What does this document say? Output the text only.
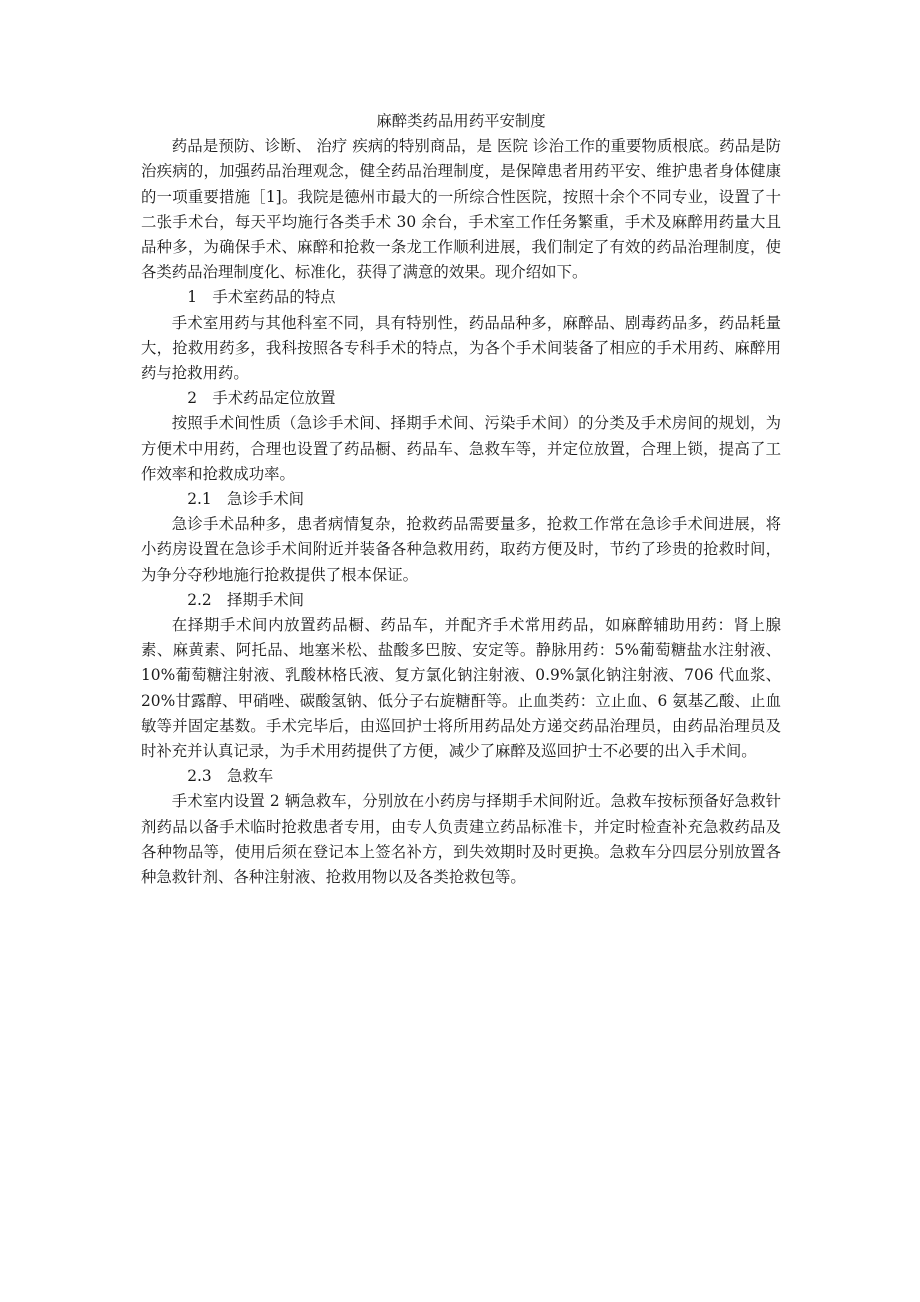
麻醉类药品用药平安制度

药品是预防、诊断、 治疗 疾病的特别商品，是 医院 诊治工作的重要物质根底。药品是防治疾病的，加强药品治理观念，健全药品治理制度，是保障患者用药平安、维护患者身体健康的一项重要措施［1]。我院是德州市最大的一所综合性医院，按照十余个不同专业，设置了十二张手术台，每天平均施行各类手术 30 余台，手术室工作任务繁重，手术及麻醉用药量大且品种多，为确保手术、麻醉和抢救一条龙工作顺利进展，我们制定了有效的药品治理制度，使各类药品治理制度化、标准化，获得了满意的效果。现介绍如下。

1　手术室药品的特点

手术室用药与其他科室不同，具有特别性，药品品种多，麻醉品、剧毒药品多，药品耗量大，抢救用药多，我科按照各专科手术的特点，为各个手术间装备了相应的手术用药、麻醉用药与抢救用药。

2　手术药品定位放置

按照手术间性质（急诊手术间、择期手术间、污染手术间）的分类及手术房间的规划，为方便术中用药，合理也设置了药品橱、药品车、急救车等，并定位放置，合理上锁，提高了工作效率和抢救成功率。

2.1　急诊手术间

急诊手术品种多，患者病情复杂，抢救药品需要量多，抢救工作常在急诊手术间进展，将小药房设置在急诊手术间附近并装备各种急救用药，取药方便及时，节约了珍贵的抢救时间，为争分夺秒地施行抢救提供了根本保证。

2.2　择期手术间

在择期手术间内放置药品橱、药品车，并配齐手术常用药品，如麻醉辅助用药：肾上腺素、麻黄素、阿托品、地塞米松、盐酸多巴胺、安定等。静脉用药：5%葡萄糖盐水注射液、10%葡萄糖注射液、乳酸林格氏液、复方氯化钠注射液、0.9%氯化钠注射液、706 代血浆、20%甘露醇、甲硝唑、碳酸氢钠、低分子右旋糖酐等。止血类药：立止血、6 氨基乙酸、止血敏等并固定基数。手术完毕后，由巡回护士将所用药品处方递交药品治理员，由药品治理员及时补充并认真记录，为手术用药提供了方便，减少了麻醉及巡回护士不必要的出入手术间。

2.3　急救车

手术室内设置 2 辆急救车，分别放在小药房与择期手术间附近。急救车按标预备好急救针剂药品以备手术临时抢救患者专用，由专人负责建立药品标准卡，并定时检查补充急救药品及各种物品等，使用后须在登记本上签名补方，到失效期时及时更换。急救车分四层分别放置各种急救针剂、各种注射液、抢救用物以及各类抢救包等。
